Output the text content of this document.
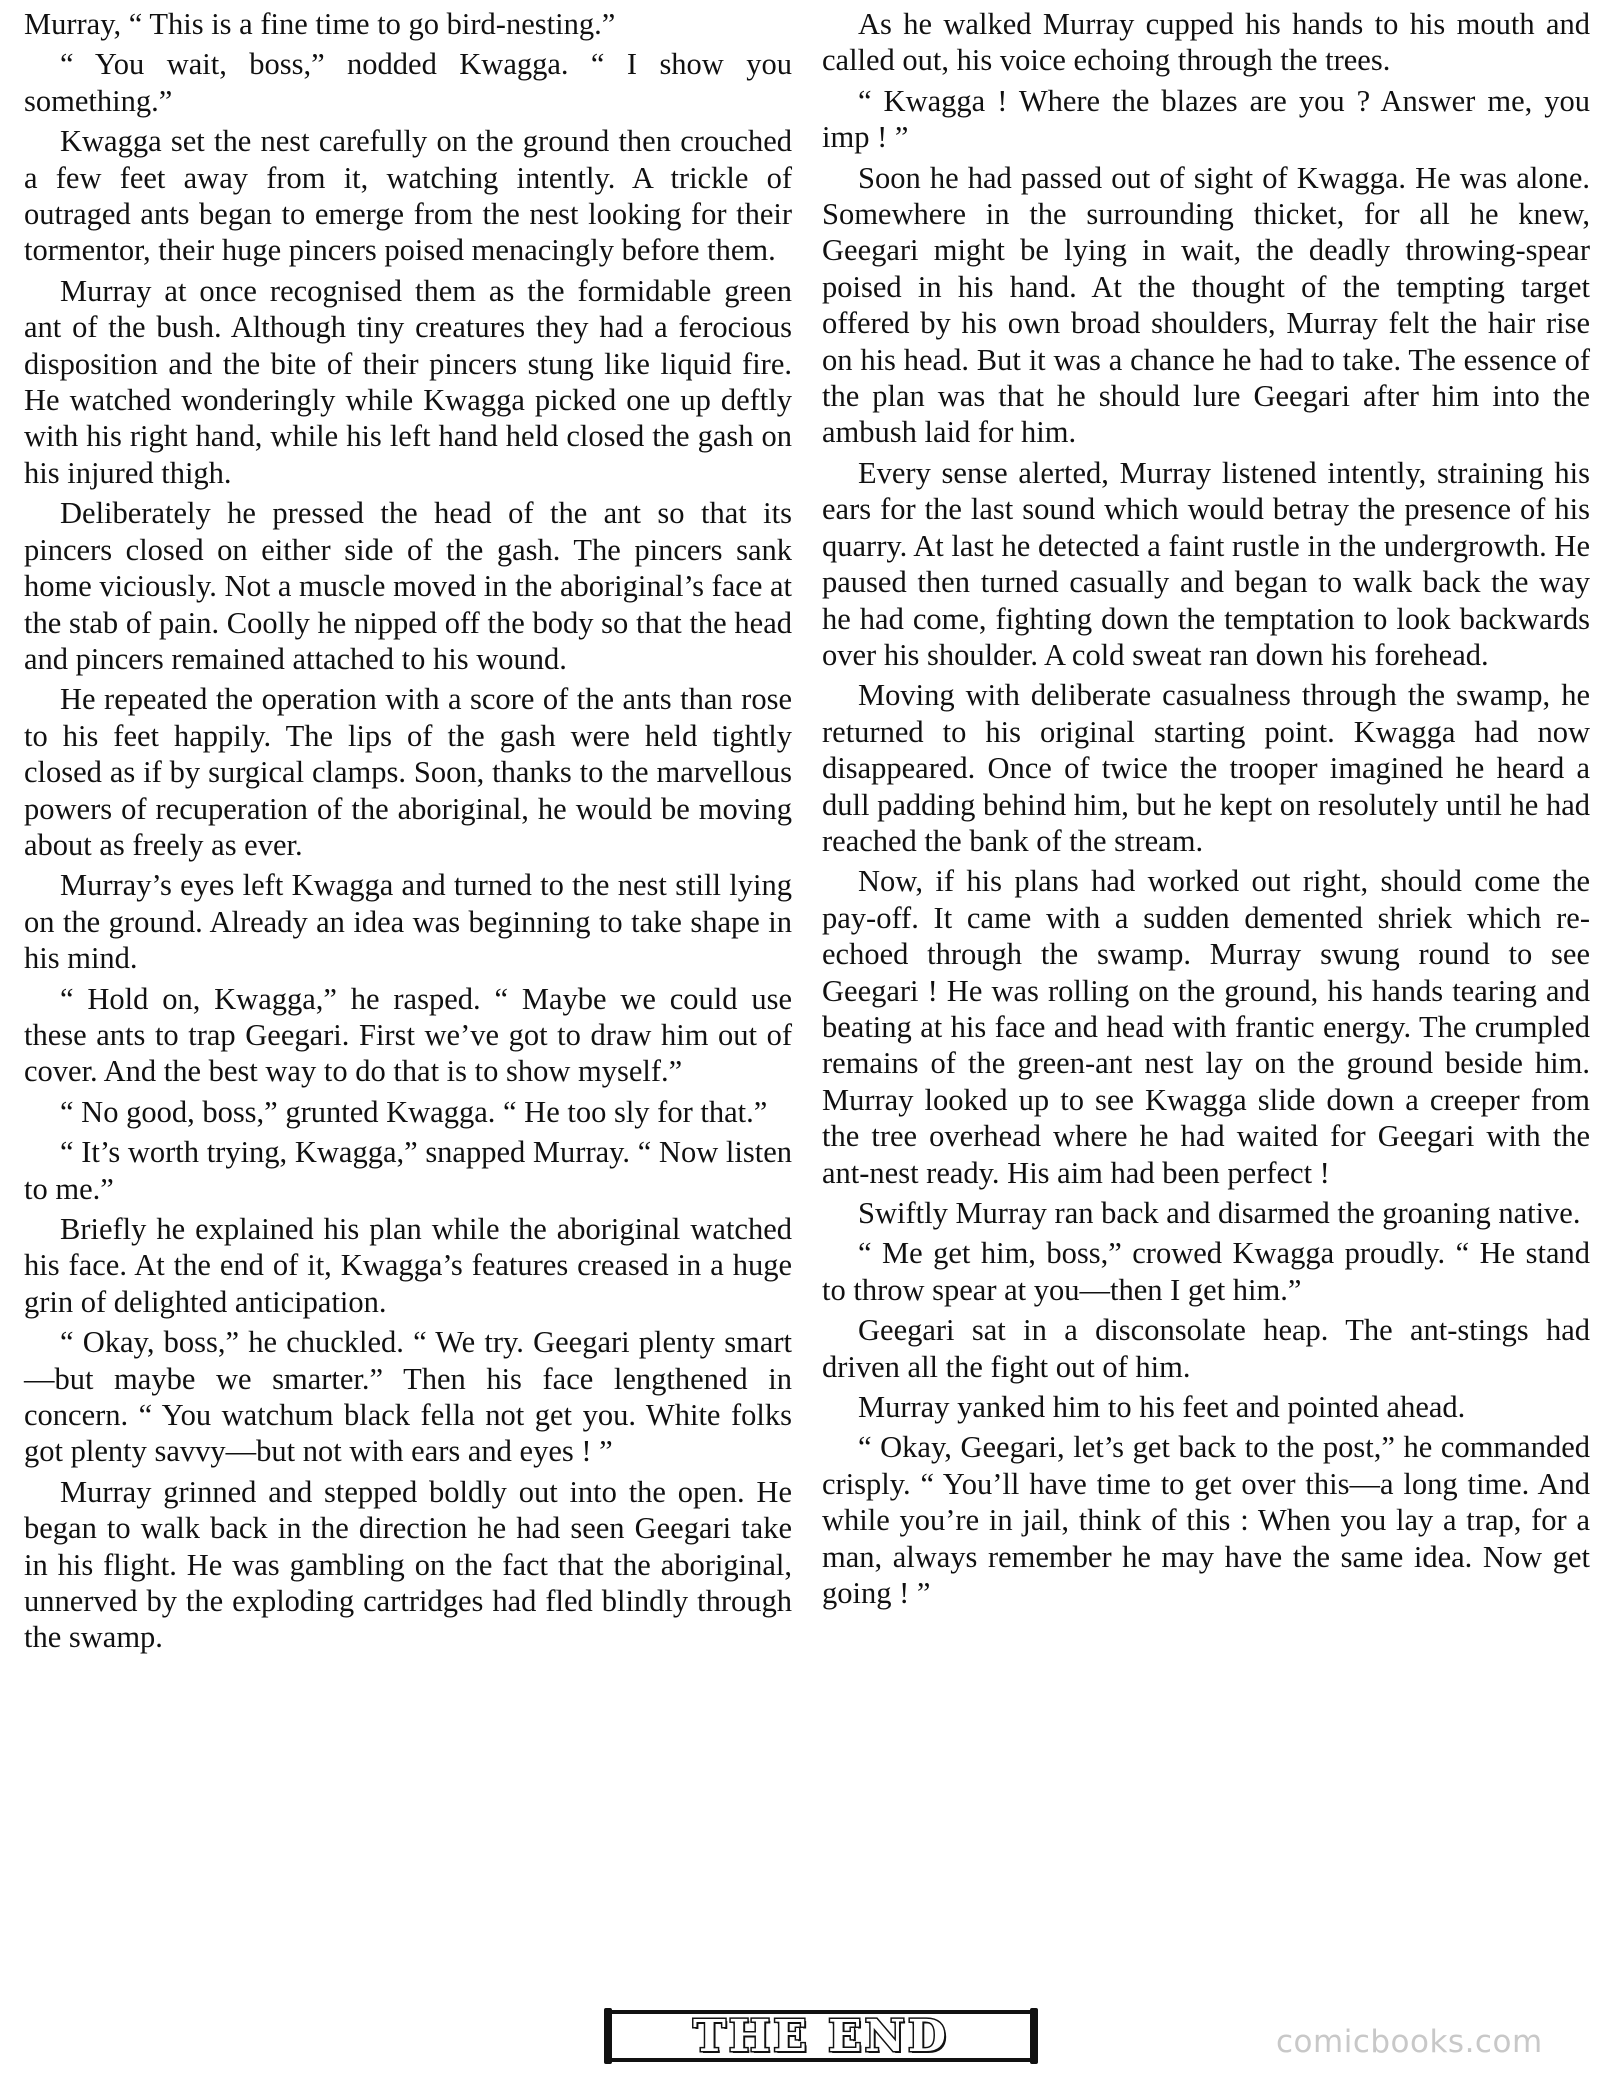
Murray, “ This is a fine time to go bird-nesting.”

“ You wait, boss,” nodded Kwagga. “ I show you something.”

Kwagga set the nest carefully on the ground then crouched a few feet away from it, watching intently. A trickle of outraged ants began to emerge from the nest looking for their tormentor, their huge pincers poised menacingly before them.

Murray at once recognised them as the formidable green ant of the bush. Although tiny creatures they had a ferocious disposition and the bite of their pincers stung like liquid fire. He watched wonderingly while Kwagga picked one up deftly with his right hand, while his left hand held closed the gash on his injured thigh.

Deliberately he pressed the head of the ant so that its pincers closed on either side of the gash. The pincers sank home viciously. Not a muscle moved in the aboriginal’s face at the stab of pain. Coolly he nipped off the body so that the head and pincers remained attached to his wound.

He repeated the operation with a score of the ants than rose to his feet happily. The lips of the gash were held tightly closed as if by surgical clamps. Soon, thanks to the marvellous powers of recuperation of the aboriginal, he would be moving about as freely as ever.

Murray’s eyes left Kwagga and turned to the nest still lying on the ground. Already an idea was beginning to take shape in his mind.

“ Hold on, Kwagga,” he rasped. “ Maybe we could use these ants to trap Geegari. First we’ve got to draw him out of cover. And the best way to do that is to show myself.”

“ No good, boss,” grunted Kwagga. “ He too sly for that.”

“ It’s worth trying, Kwagga,” snapped Murray. “ Now listen to me.”

Briefly he explained his plan while the aboriginal watched his face. At the end of it, Kwagga’s features creased in a huge grin of delighted anticipation.

“ Okay, boss,” he chuckled. “ We try. Geegari plenty smart—but maybe we smarter.” Then his face lengthened in concern. “ You watchum black fella not get you. White folks got plenty savvy—but not with ears and eyes ! ”

Murray grinned and stepped boldly out into the open. He began to walk back in the direction he had seen Geegari take in his flight. He was gambling on the fact that the aboriginal, unnerved by the exploding cartridges had fled blindly through the swamp.

As he walked Murray cupped his hands to his mouth and called out, his voice echoing through the trees.

“ Kwagga ! Where the blazes are you ? Answer me, you imp ! ”

Soon he had passed out of sight of Kwagga. He was alone. Somewhere in the surrounding thicket, for all he knew, Geegari might be lying in wait, the deadly throwing-spear poised in his hand. At the thought of the tempting target offered by his own broad shoulders, Murray felt the hair rise on his head. But it was a chance he had to take. The essence of the plan was that he should lure Geegari after him into the ambush laid for him.

Every sense alerted, Murray listened intently, straining his ears for the last sound which would betray the presence of his quarry. At last he detected a faint rustle in the undergrowth. He paused then turned casually and began to walk back the way he had come, fighting down the temptation to look backwards over his shoulder. A cold sweat ran down his forehead.

Moving with deliberate casualness through the swamp, he returned to his original starting point. Kwagga had now disappeared. Once of twice the trooper imagined he heard a dull padding behind him, but he kept on resolutely until he had reached the bank of the stream.

Now, if his plans had worked out right, should come the pay-off. It came with a sudden demented shriek which re-echoed through the swamp. Murray swung round to see Geegari ! He was rolling on the ground, his hands tearing and beating at his face and head with frantic energy. The crumpled remains of the green-ant nest lay on the ground beside him. Murray looked up to see Kwagga slide down a creeper from the tree overhead where he had waited for Geegari with the ant-nest ready. His aim had been perfect !

Swiftly Murray ran back and disarmed the groaning native.

“ Me get him, boss,” crowed Kwagga proudly. “ He stand to throw spear at you—then I get him.”

Geegari sat in a disconsolate heap. The ant-stings had driven all the fight out of him.

Murray yanked him to his feet and pointed ahead.

“ Okay, Geegari, let’s get back to the post,” he commanded crisply. “ You’ll have time to get over this—a long time. And while you’re in jail, think of this : When you lay a trap, for a man, always remember he may have the same idea. Now get going ! ”

THE END	comicbooks.com
